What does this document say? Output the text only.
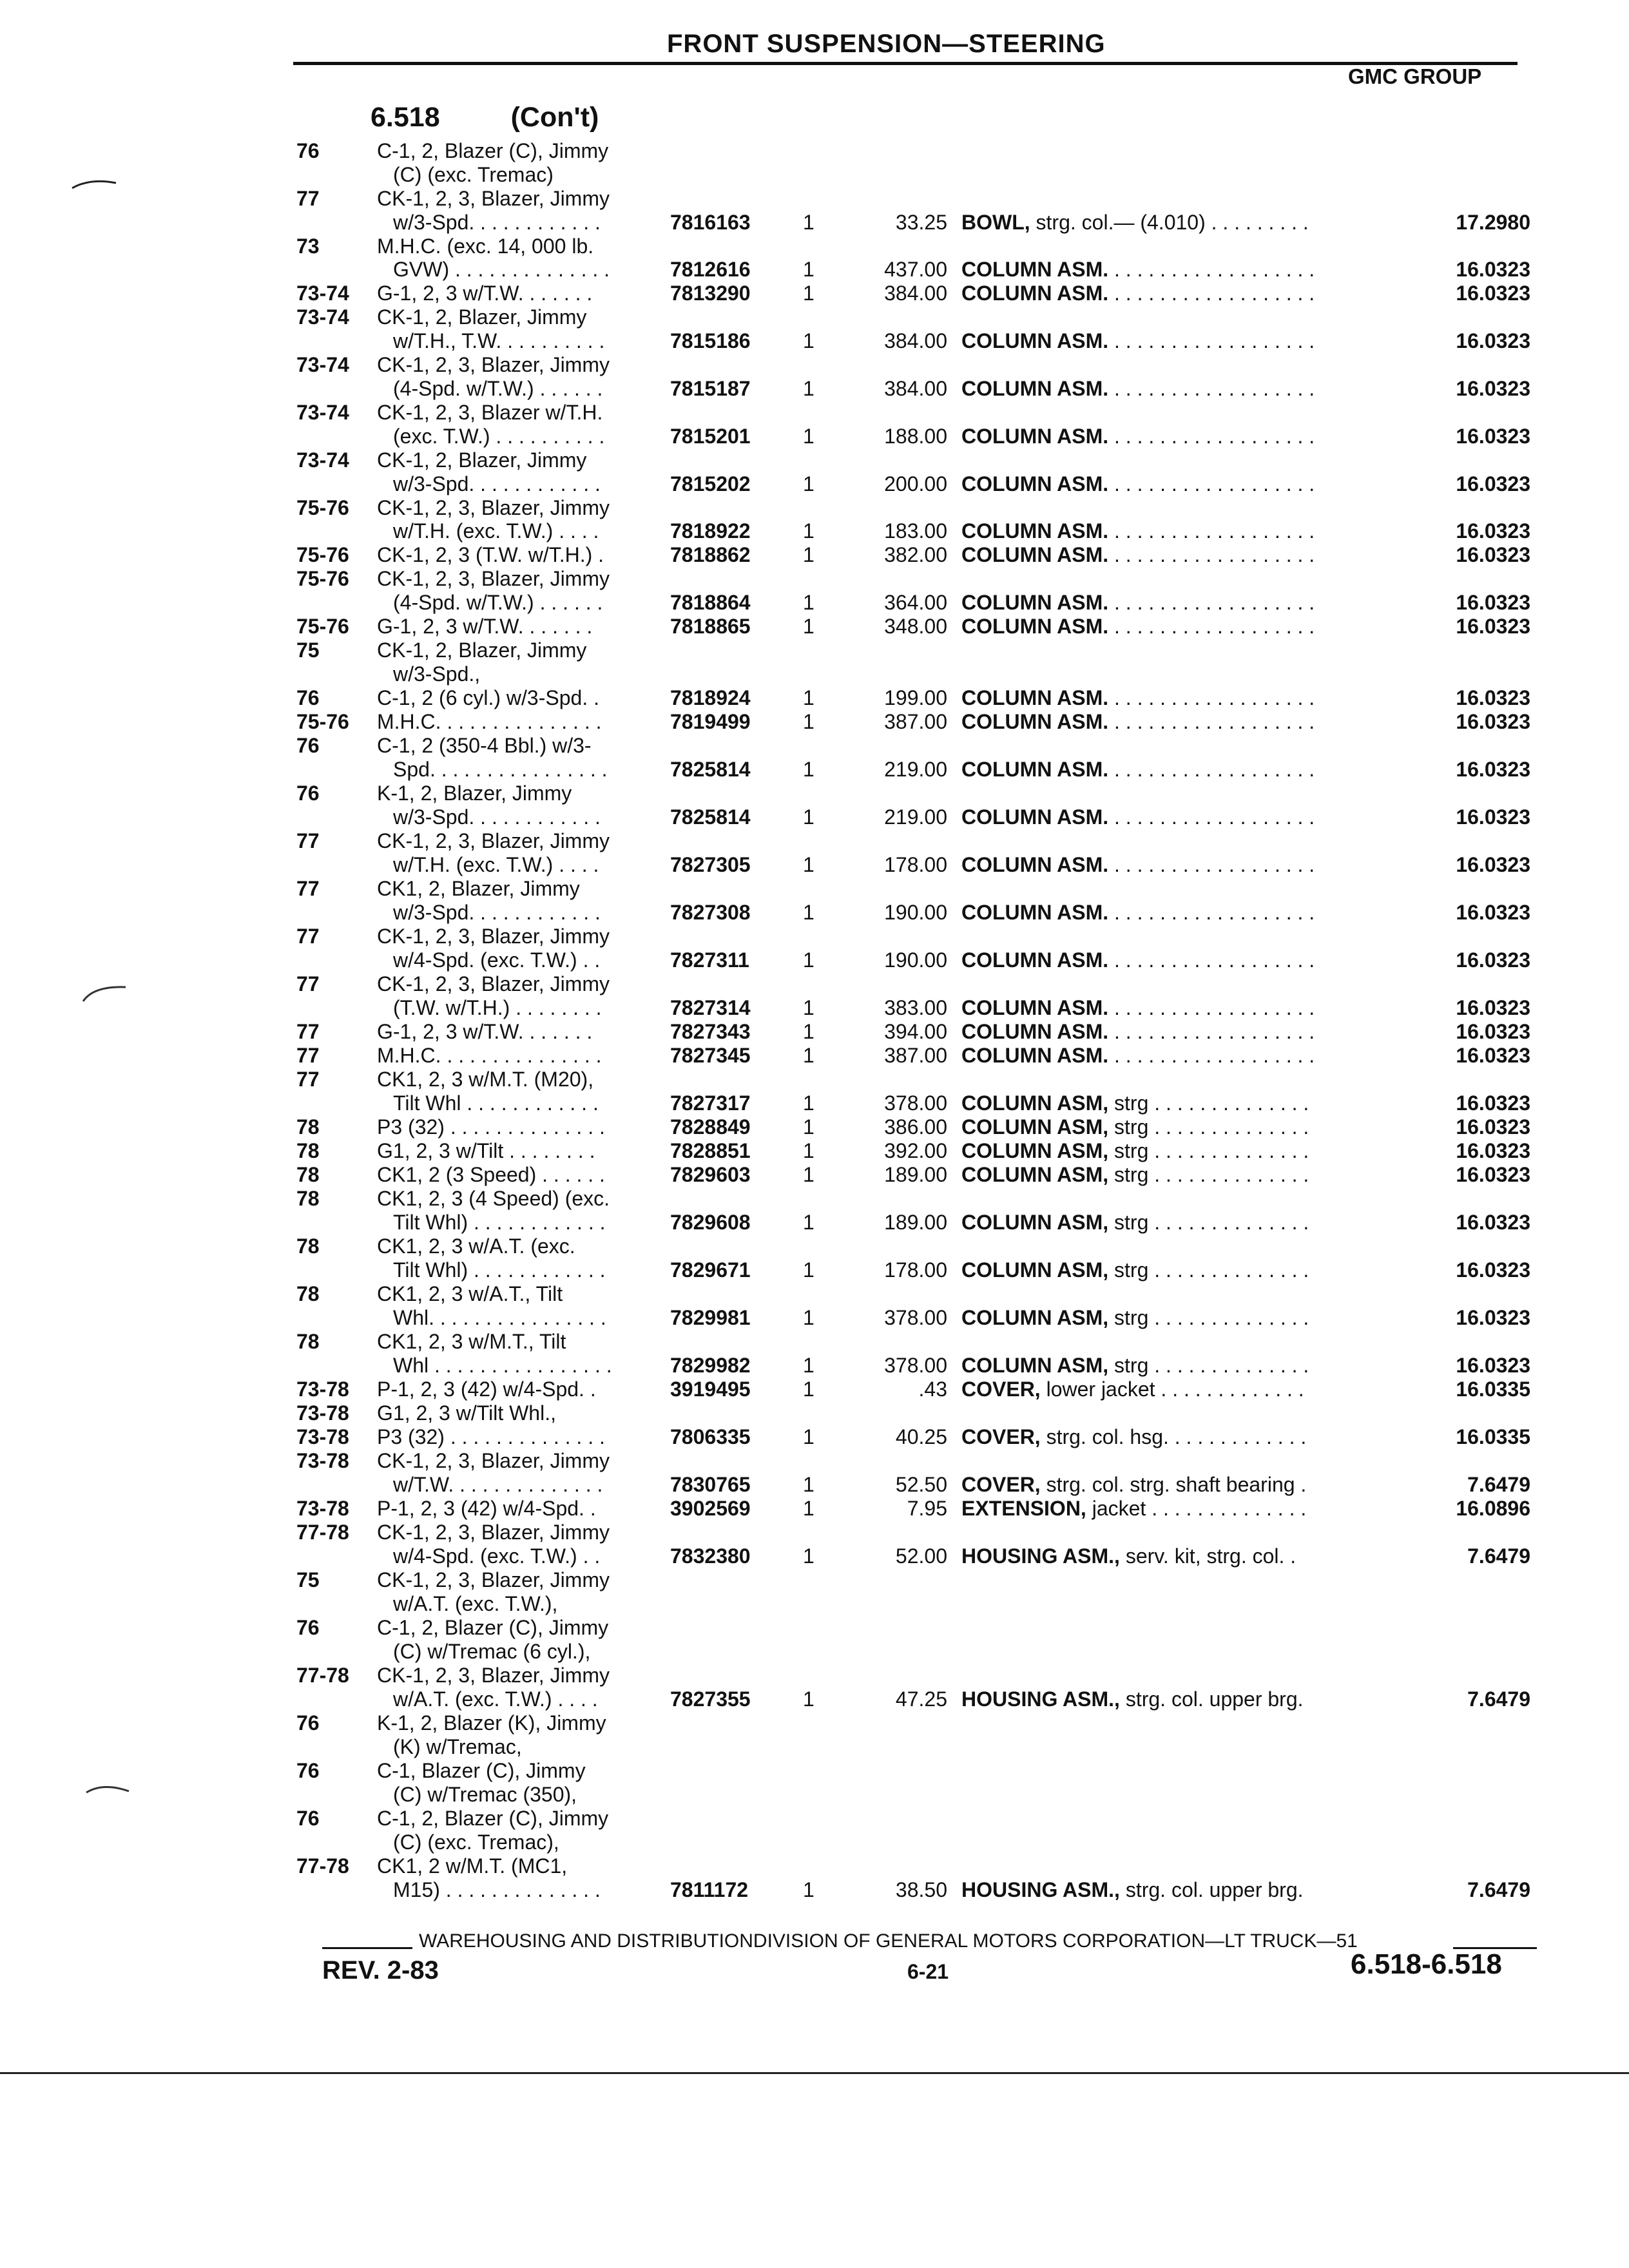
FRONT SUSPENSION—STEERING
GMC GROUP
6.518	(Con't)
76	C-1, 2, Blazer (C), Jimmy
(C) (exc. Tremac)
77	CK-1, 2, 3, Blazer, Jimmy
w/3-Spd. . . . . . . . . . . .	7816163	1	33.25 BOWL, strg. col.— (4.010) . . . . . . . . .	17.2980
73	M.H.C. (exc. 14, 000 lb.
GVW) . . . . . . . . . . . . . .	7812616	1	437.00 COLUMN ASM. . . . . . . . . . . . . . . . . . .	16.0323
73-74 G-1, 2, 3 w/T.W. . . . . . .	7813290	1	384.00 COLUMN ASM. . . . . . . . . . . . . . . . . . .	16.0323
73-74 CK-1, 2, Blazer, Jimmy
w/T.H., T.W. . . . . . . . . .	7815186	1	384.00 COLUMN ASM. . . . . . . . . . . . . . . . . . .	16.0323
73-74 CK-1, 2, 3, Blazer, Jimmy
(4-Spd. w/T.W.) . . . . . .	7815187	1	384.00 COLUMN ASM. . . . . . . . . . . . . . . . . . .	16.0323
73-74 CK-1, 2, 3, Blazer w/T.H.
(exc. T.W.) . . . . . . . . . .	7815201	1	188.00 COLUMN ASM. . . . . . . . . . . . . . . . . . .	16.0323
73-74 CK-1, 2, Blazer, Jimmy
w/3-Spd. . . . . . . . . . . .	7815202	1	200.00 COLUMN ASM. . . . . . . . . . . . . . . . . . .	16.0323
75-76 CK-1, 2, 3, Blazer, Jimmy
w/T.H. (exc. T.W.) . . . .	7818922	1	183.00 COLUMN ASM. . . . . . . . . . . . . . . . . . .	16.0323
75-76 CK-1, 2, 3 (T.W. w/T.H.) .	7818862	1	382.00 COLUMN ASM. . . . . . . . . . . . . . . . . . .	16.0323
75-76 CK-1, 2, 3, Blazer, Jimmy
(4-Spd. w/T.W.) . . . . . .	7818864	1	364.00 COLUMN ASM. . . . . . . . . . . . . . . . . . .	16.0323
75-76 G-1, 2, 3 w/T.W. . . . . . .	7818865	1	348.00 COLUMN ASM. . . . . . . . . . . . . . . . . . .	16.0323
75	CK-1, 2, Blazer, Jimmy
w/3-Spd.,
76	C-1, 2 (6 cyl.) w/3-Spd. .	7818924	1	199.00 COLUMN ASM. . . . . . . . . . . . . . . . . . .	16.0323
75-76 M.H.C. . . . . . . . . . . . . . .	7819499	1	387.00 COLUMN ASM. . . . . . . . . . . . . . . . . . .	16.0323
76	C-1, 2 (350-4 Bbl.) w/3-
Spd. . . . . . . . . . . . . . . .	7825814	1	219.00 COLUMN ASM. . . . . . . . . . . . . . . . . . .	16.0323
76	K-1, 2, Blazer, Jimmy
w/3-Spd. . . . . . . . . . . .	7825814	1	219.00 COLUMN ASM. . . . . . . . . . . . . . . . . . .	16.0323
77	CK-1, 2, 3, Blazer, Jimmy
w/T.H. (exc. T.W.) . . . .	7827305	1	178.00 COLUMN ASM. . . . . . . . . . . . . . . . . . .	16.0323
77	CK1, 2, Blazer, Jimmy
w/3-Spd. . . . . . . . . . . .	7827308	1	190.00 COLUMN ASM. . . . . . . . . . . . . . . . . . .	16.0323
77	CK-1, 2, 3, Blazer, Jimmy
w/4-Spd. (exc. T.W.) . .	7827311	1	190.00 COLUMN ASM. . . . . . . . . . . . . . . . . . .	16.0323
77	CK-1, 2, 3, Blazer, Jimmy
(T.W. w/T.H.) . . . . . . . .	7827314	1	383.00 COLUMN ASM. . . . . . . . . . . . . . . . . . .	16.0323
77	G-1, 2, 3 w/T.W. . . . . . .	7827343	1	394.00 COLUMN ASM. . . . . . . . . . . . . . . . . . .	16.0323
77	M.H.C. . . . . . . . . . . . . . .	7827345	1	387.00 COLUMN ASM. . . . . . . . . . . . . . . . . . .	16.0323
77	CK1, 2, 3 w/M.T. (M20),
Tilt Whl . . . . . . . . . . . .	7827317	1	378.00 COLUMN ASM, strg . . . . . . . . . . . . . .	16.0323
78	P3 (32) . . . . . . . . . . . . . .	7828849	1	386.00 COLUMN ASM, strg . . . . . . . . . . . . . .	16.0323
78	G1, 2, 3 w/Tilt . . . . . . . .	7828851	1	392.00 COLUMN ASM, strg . . . . . . . . . . . . . .	16.0323
78	CK1, 2 (3 Speed) . . . . . .	7829603	1	189.00 COLUMN ASM, strg . . . . . . . . . . . . . .	16.0323
78	CK1, 2, 3 (4 Speed) (exc.
Tilt Whl) . . . . . . . . . . . .	7829608	1	189.00 COLUMN ASM, strg . . . . . . . . . . . . . .	16.0323
78	CK1, 2, 3 w/A.T. (exc.
Tilt Whl) . . . . . . . . . . . .	7829671	1	178.00 COLUMN ASM, strg . . . . . . . . . . . . . .	16.0323
78	CK1, 2, 3 w/A.T., Tilt
Whl. . . . . . . . . . . . . . . .	7829981	1	378.00 COLUMN ASM, strg . . . . . . . . . . . . . .	16.0323
78	CK1, 2, 3 w/M.T., Tilt
Whl . . . . . . . . . . . . . . . .	7829982	1	378.00 COLUMN ASM, strg . . . . . . . . . . . . . .	16.0323
73-78 P-1, 2, 3 (42) w/4-Spd. .	3919495	1	.43 COVER, lower jacket . . . . . . . . . . . . .	16.0335
73-78 G1, 2, 3 w/Tilt Whl.,
73-78 P3 (32) . . . . . . . . . . . . . .	7806335	1	40.25 COVER, strg. col. hsg. . . . . . . . . . . . .	16.0335
73-78 CK-1, 2, 3, Blazer, Jimmy
w/T.W. . . . . . . . . . . . . .	7830765	1	52.50 COVER, strg. col. strg. shaft bearing .	7.6479
73-78 P-1, 2, 3 (42) w/4-Spd. .	3902569	1	7.95 EXTENSION, jacket . . . . . . . . . . . . . .	16.0896
77-78 CK-1, 2, 3, Blazer, Jimmy
w/4-Spd. (exc. T.W.) . .	7832380	1	52.00 HOUSING ASM., serv. kit, strg. col. .	7.6479
75	CK-1, 2, 3, Blazer, Jimmy
w/A.T. (exc. T.W.),
76	C-1, 2, Blazer (C), Jimmy
(C) w/Tremac (6 cyl.),
77-78 CK-1, 2, 3, Blazer, Jimmy
w/A.T. (exc. T.W.) . . . .	7827355	1	47.25 HOUSING ASM., strg. col. upper brg.	7.6479
76	K-1, 2, Blazer (K), Jimmy
(K) w/Tremac,
76	C-1, Blazer (C), Jimmy
(C) w/Tremac (350),
76	C-1, 2, Blazer (C), Jimmy
(C) (exc. Tremac),
77-78 CK1, 2 w/M.T. (MC1,
M15) . . . . . . . . . . . . . .	7811172	1	38.50 HOUSING ASM., strg. col. upper brg.	7.6479
WAREHOUSING AND DISTRIBUTIONDIVISION OF GENERAL MOTORS CORPORATION—LT TRUCK—51
REV. 2-83	6-21	6.518-6.518
